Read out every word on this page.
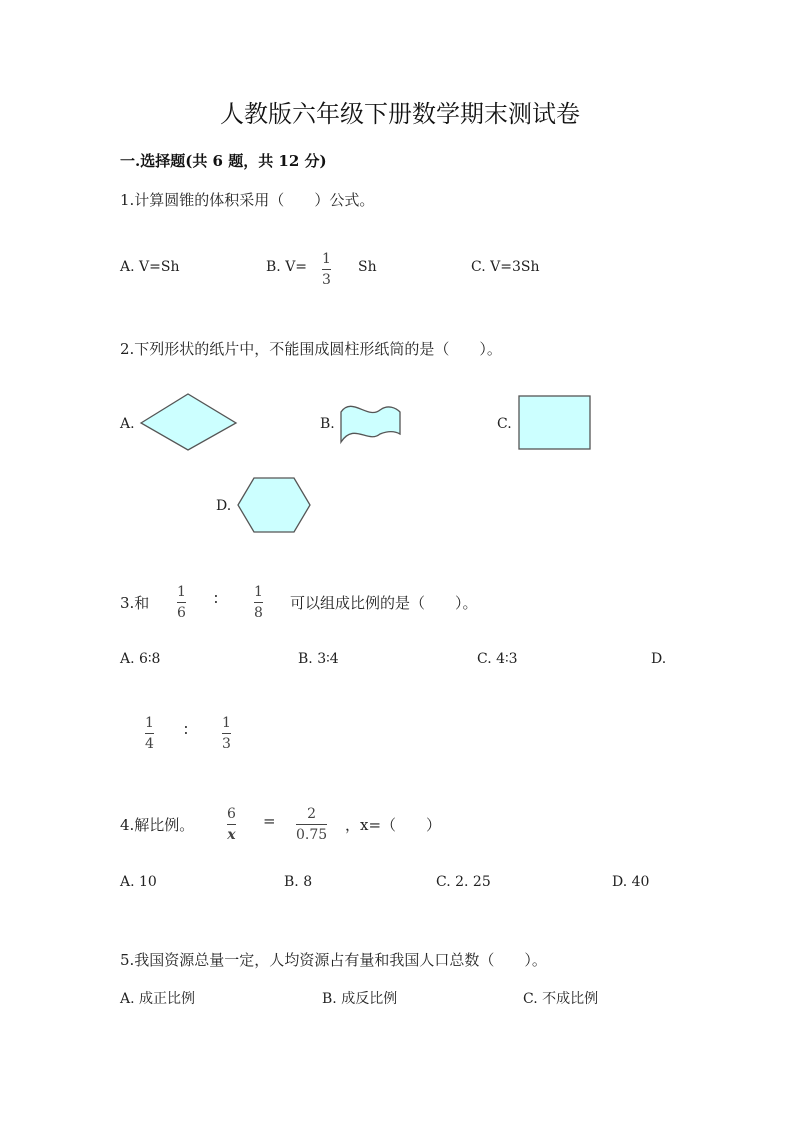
人教版六年级下册数学期末测试卷
一.选择题(共 6 题，共 12 分)
1.计算圆锥的体积采用（　　）公式。
A. V=Sh	B. V= 1
3
Sh	C. V=3Sh
2.下列形状的纸片中，不能围成圆柱形纸筒的是（　　）。
A.	B.	C.
D.
3.和
1
6
∶	1
8
可以组成比例的是（　　）。
A. 6∶8	B. 3∶4	C. 4∶3	D.
1
4
∶ 1
3
4.解比例。
6
x
= 2
0.75
，x=（　　）
A. 10	B. 8	C. 2. 25	D. 40
5.我国资源总量一定，人均资源占有量和我国人口总数（　　）。
A. 成正比例	B. 成反比例	C. 不成比例
